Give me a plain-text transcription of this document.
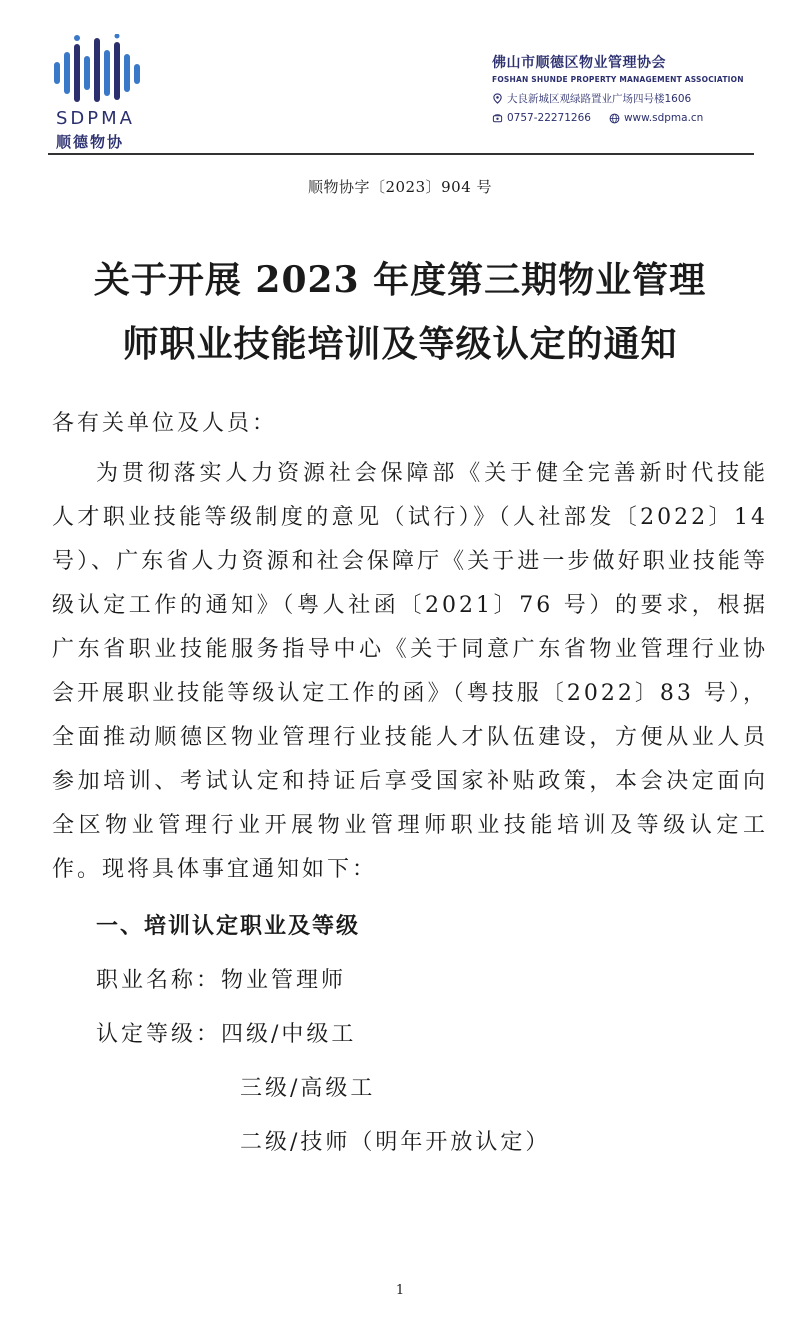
SDPMA
顺德物协
佛山市顺德区物业管理协会
FOSHAN SHUNDE PROPERTY MANAGEMENT ASSOCIATION
大良新城区观绿路置业广场四号楼1606
0757-22271266	www.sdpma.cn
顺物协字〔2023〕904 号
关于开展 2023 年度第三期物业管理
师职业技能培训及等级认定的通知

各有关单位及人员：

为贯彻落实人力资源社会保障部《关于健全完善新时代技能人才职业技能等级制度的意见（试行）》（人社部发〔2022〕14 号）、广东省人力资源和社会保障厅《关于进一步做好职业技能等级认定工作的通知》（粤人社函〔2021〕76 号）的要求，根据广东省职业技能服务指导中心《关于同意广东省物业管理行业协会开展职业技能等级认定工作的函》（粤技服〔2022〕83 号），全面推动顺德区物业管理行业技能人才队伍建设，方便从业人员参加培训、考试认定和持证后享受国家补贴政策，本会决定面向全区物业管理行业开展物业管理师职业技能培训及等级认定工作。现将具体事宜通知如下：

一、培训认定职业及等级

职业名称：物业管理师

认定等级：四级/中级工

三级/高级工

二级/技师（明年开放认定）

1
